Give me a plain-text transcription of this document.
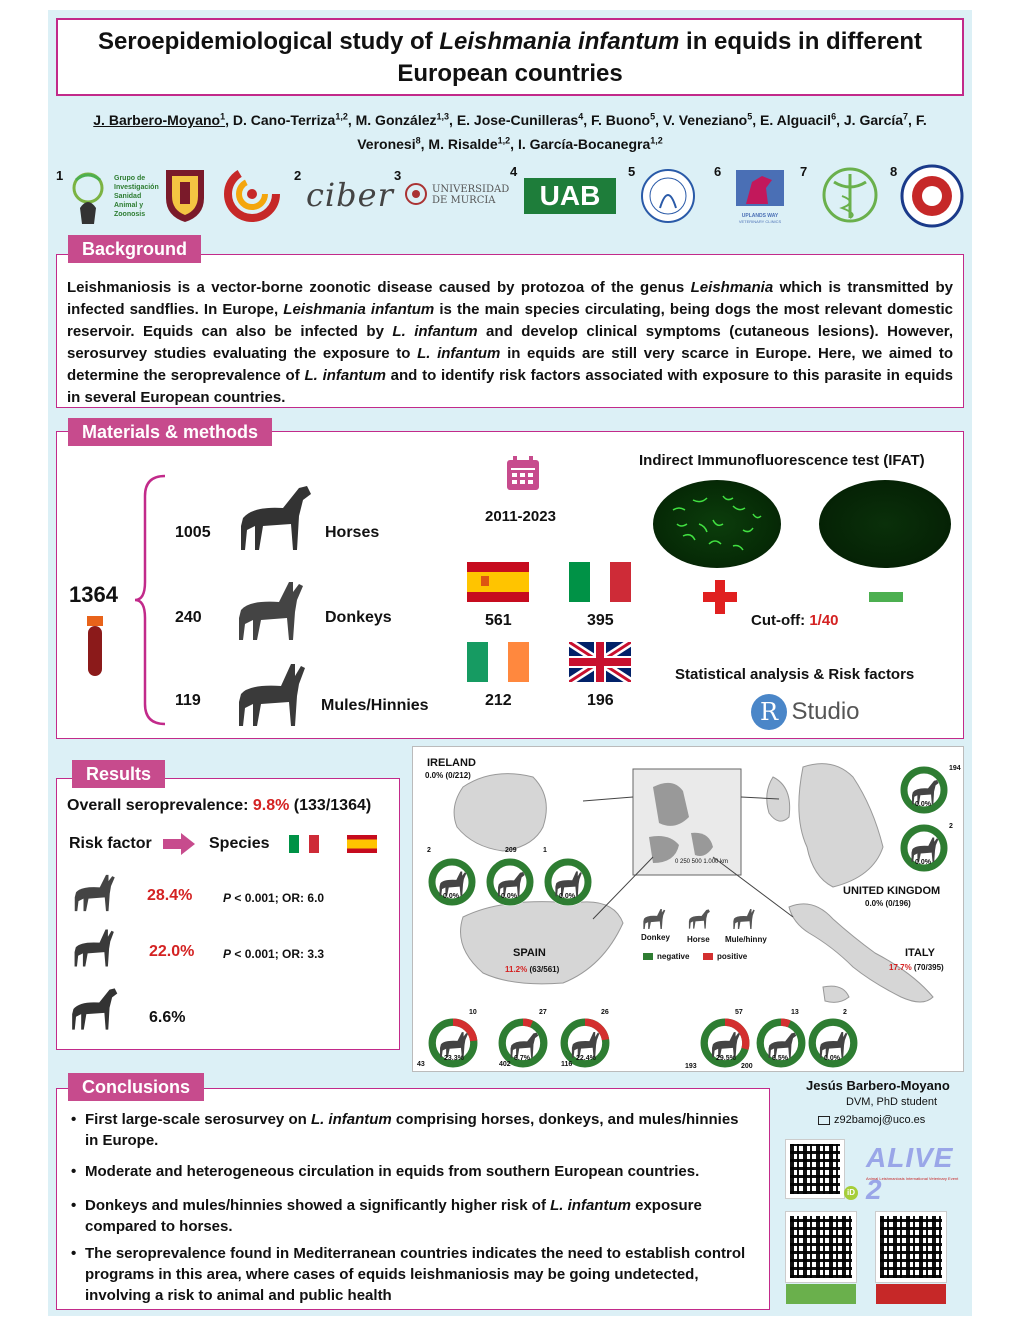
Seroepidemiological study of Leishmania infantum in equids in different European countries
J. Barbero-Moyano$^1$, D. Cano-Terriza$^{1,2}$, M. González$^{1,3}$, E. Jose-Cunilleras$^4$, F. Buono$^5$, V. Veneziano$^5$, E. Alguacil$^6$, J. García$^7$, F. Veronesi$^8$, M. Risalde$^{1,2}$, I. García-Bocanegra$^{1,2}$
1	Grupo de
Investigación
Sanidad
Animal y
Zoonosis
2
ciber
3
UNIVERSIDAD
DE MURCIA
4
UAB
5	6
UPLANDS WAY
VETERINARY CLINICS
7	8
Leishmaniosis is a vector-borne zoonotic disease caused by protozoa of the genus Leishmania which is transmitted by infected sandflies. In Europe, Leishmania infantum is the main species circulating, being dogs the most relevant domestic reservoir. Equids can also be infected by L. infantum and develop clinical symptoms (cutaneous lesions). However, serosurvey studies evaluating the exposure to L. infantum in equids are still very scarce in Europe. Here, we aimed to determine the seroprevalence of L. infantum and to identify risk factors associated with exposure to this parasite in equids in several European countries.
Background
1364
1005	Horses
240	Donkeys
119	Mules/Hinnies
2011-2023
561	395
212	196
Indirect Immunofluorescence test (IFAT)
Cut-off: 1/40
Statistical analysis & Risk factors
R Studio
Materials & methods
Overall seroprevalence: 9.8% (133/1364)
Risk factor	Species
28.4%	P < 0.001; OR: 6.0
22.0% P < 0.001; OR: 3.3
6.6%
Results
IRELAND
0.0% (0/212)
UNITED KINGDOM
0.0% (0/196)
SPAIN
11.2% (63/561)
ITALY
17.7% (70/395)
0 250 500 1.000 km
Donkey Horse Mule/hinny
negative	positive
0.0%
2
0.0%
209
0.0%
1
0.0%
194
0.0%
2
23.3%
10
43
6.7%
27
402
22.4%
26
116
29.5%
57
193
6.5%
13
200
0.0%
2
• First large-scale serosurvey on L. infantum comprising horses, donkeys, and mules/hinnies in Europe.
• Moderate and heterogeneous circulation in equids from southern European countries.
• Donkeys and mules/hinnies showed a significantly higher risk of L. infantum exposure compared to horses.
• The seroprevalence found in Mediterranean countries indicates the need to establish control programs in this area, where cases of equids leishmaniosis may be going undetected, involving a risk to animal and public health
Conclusions	Jesús Barbero-Moyano
DVM, PhD student
z92bamoj@uco.es
iD
ALIVE 2
Animal Leishmaniosis International Veterinary Event
